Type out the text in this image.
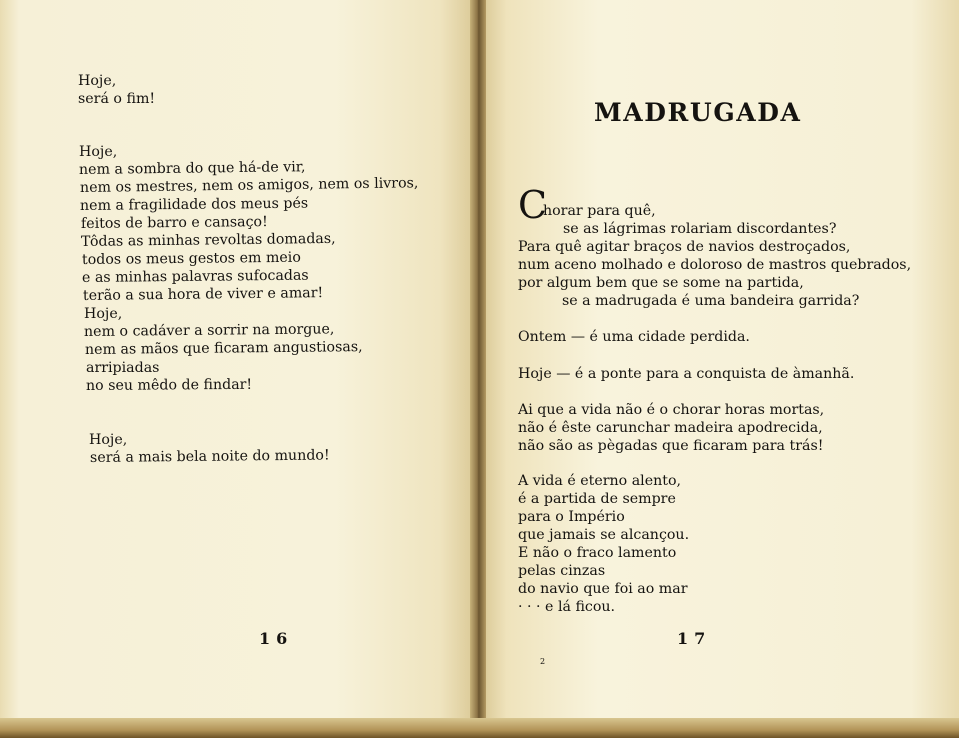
Hoje,
será o fim!
Hoje,
nem a sombra do que há-de vir,
nem os mestres, nem os amigos, nem os livros,
nem a fragilidade dos meus pés
feitos de barro e cansaço!
Tôdas as minhas revoltas domadas,
todos os meus gestos em meio
e as minhas palavras sufocadas
terão a sua hora de viver e amar!
Hoje,
nem o cadáver a sorrir na morgue,
nem as mãos que ficaram angustiosas,
arripiadas
no seu mêdo de findar!
Hoje,
será a mais bela noite do mundo!
16
MADRUGADA
C
horar para quê,
se as lágrimas rolariam discordantes?
Para quê agitar braços de navios destroçados,
num aceno molhado e doloroso de mastros quebrados,
por algum bem que se some na partida,
se a madrugada é uma bandeira garrida?
Ontem — é uma cidade perdida.
Hoje — é a ponte para a conquista de àmanhã.
Ai que a vida não é o chorar horas mortas,
não é êste carunchar madeira apodrecida,
não são as pègadas que ficaram para trás!
A vida é eterno alento,
é a partida de sempre
para o Império
que jamais se alcançou.
E não o fraco lamento
pelas cinzas
do navio que foi ao mar
· · · e lá ficou.
17
2
